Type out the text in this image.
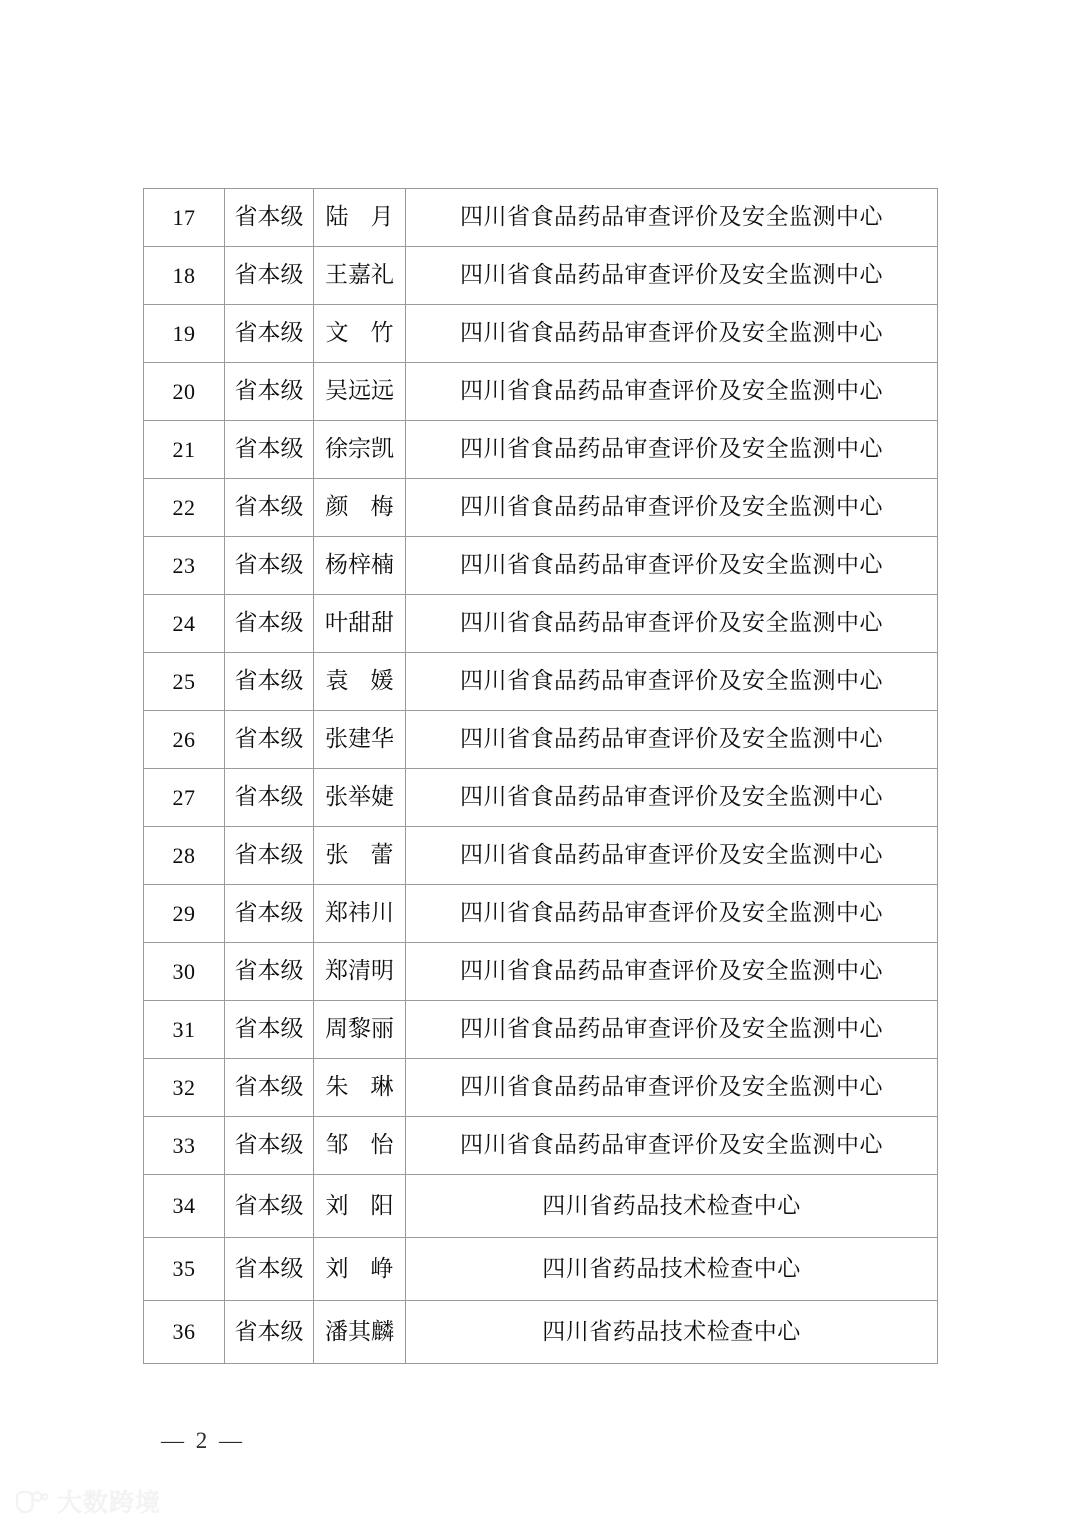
17	省本级	陆 月	四川省食品药品审查评价及安全监测中心
18	省本级	王嘉礼	四川省食品药品审查评价及安全监测中心
19	省本级	文 竹	四川省食品药品审查评价及安全监测中心
20	省本级	吴远远	四川省食品药品审查评价及安全监测中心
21	省本级	徐宗凯	四川省食品药品审查评价及安全监测中心
22	省本级	颜 梅	四川省食品药品审查评价及安全监测中心
23	省本级	杨梓楠	四川省食品药品审查评价及安全监测中心
24	省本级	叶甜甜	四川省食品药品审查评价及安全监测中心
25	省本级	袁 媛	四川省食品药品审查评价及安全监测中心
26	省本级	张建华	四川省食品药品审查评价及安全监测中心
27	省本级	张举婕	四川省食品药品审查评价及安全监测中心
28	省本级	张 蕾	四川省食品药品审查评价及安全监测中心
29	省本级	郑祎川	四川省食品药品审查评价及安全监测中心
30	省本级	郑清明	四川省食品药品审查评价及安全监测中心
31	省本级	周黎丽	四川省食品药品审查评价及安全监测中心
32	省本级	朱 琳	四川省食品药品审查评价及安全监测中心
33	省本级	邹 怡	四川省食品药品审查评价及安全监测中心
34	省本级	刘 阳	四川省药品技术检查中心
35	省本级	刘 峥	四川省药品技术检查中心
36	省本级	潘其麟	四川省药品技术检查中心
— 2 —
大数跨境
